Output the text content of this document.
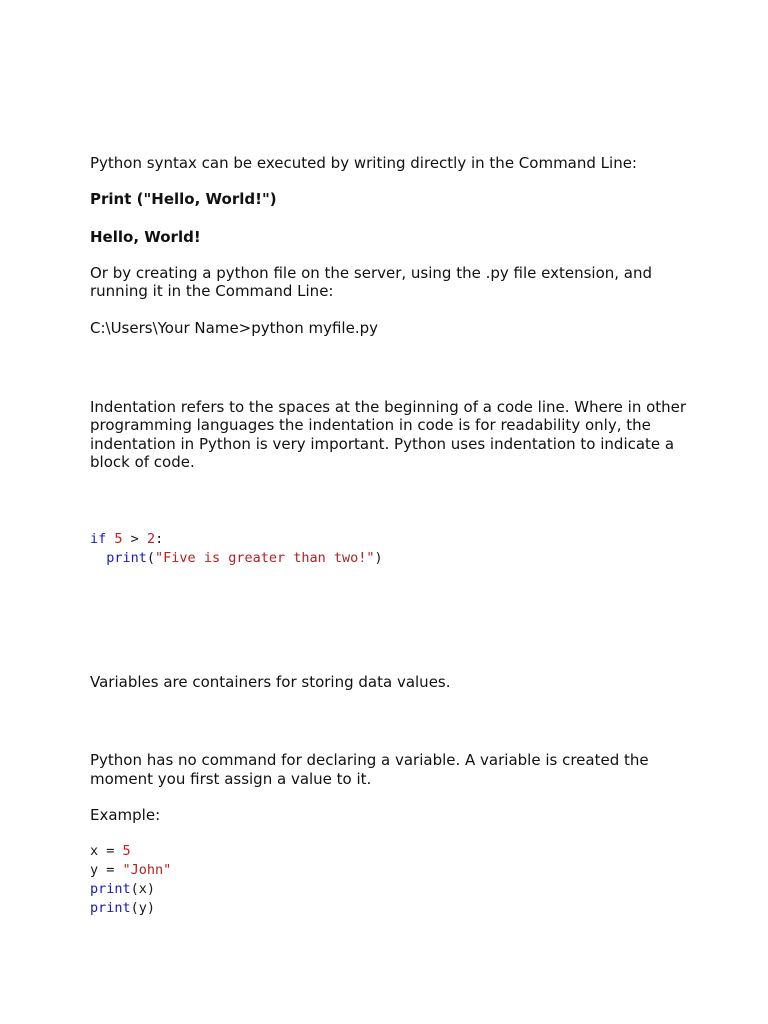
Python syntax can be executed by writing directly in the Command Line:

Print ("Hello, World!")

Hello, World!

Or by creating a python file on the server, using the .py file extension, and

running it in the Command Line:

C:\Users\Your Name>python myfile.py

Indentation refers to the spaces at the beginning of a code line. Where in other

programming languages the indentation in code is for readability only, the

indentation in Python is very important. Python uses indentation to indicate a

block of code.

if 5 > 2:
print("Five is greater than two!")

Variables are containers for storing data values.

Python has no command for declaring a variable. A variable is created the

moment you first assign a value to it.

Example:

x = 5
y = "John"
print(x)
print(y)
